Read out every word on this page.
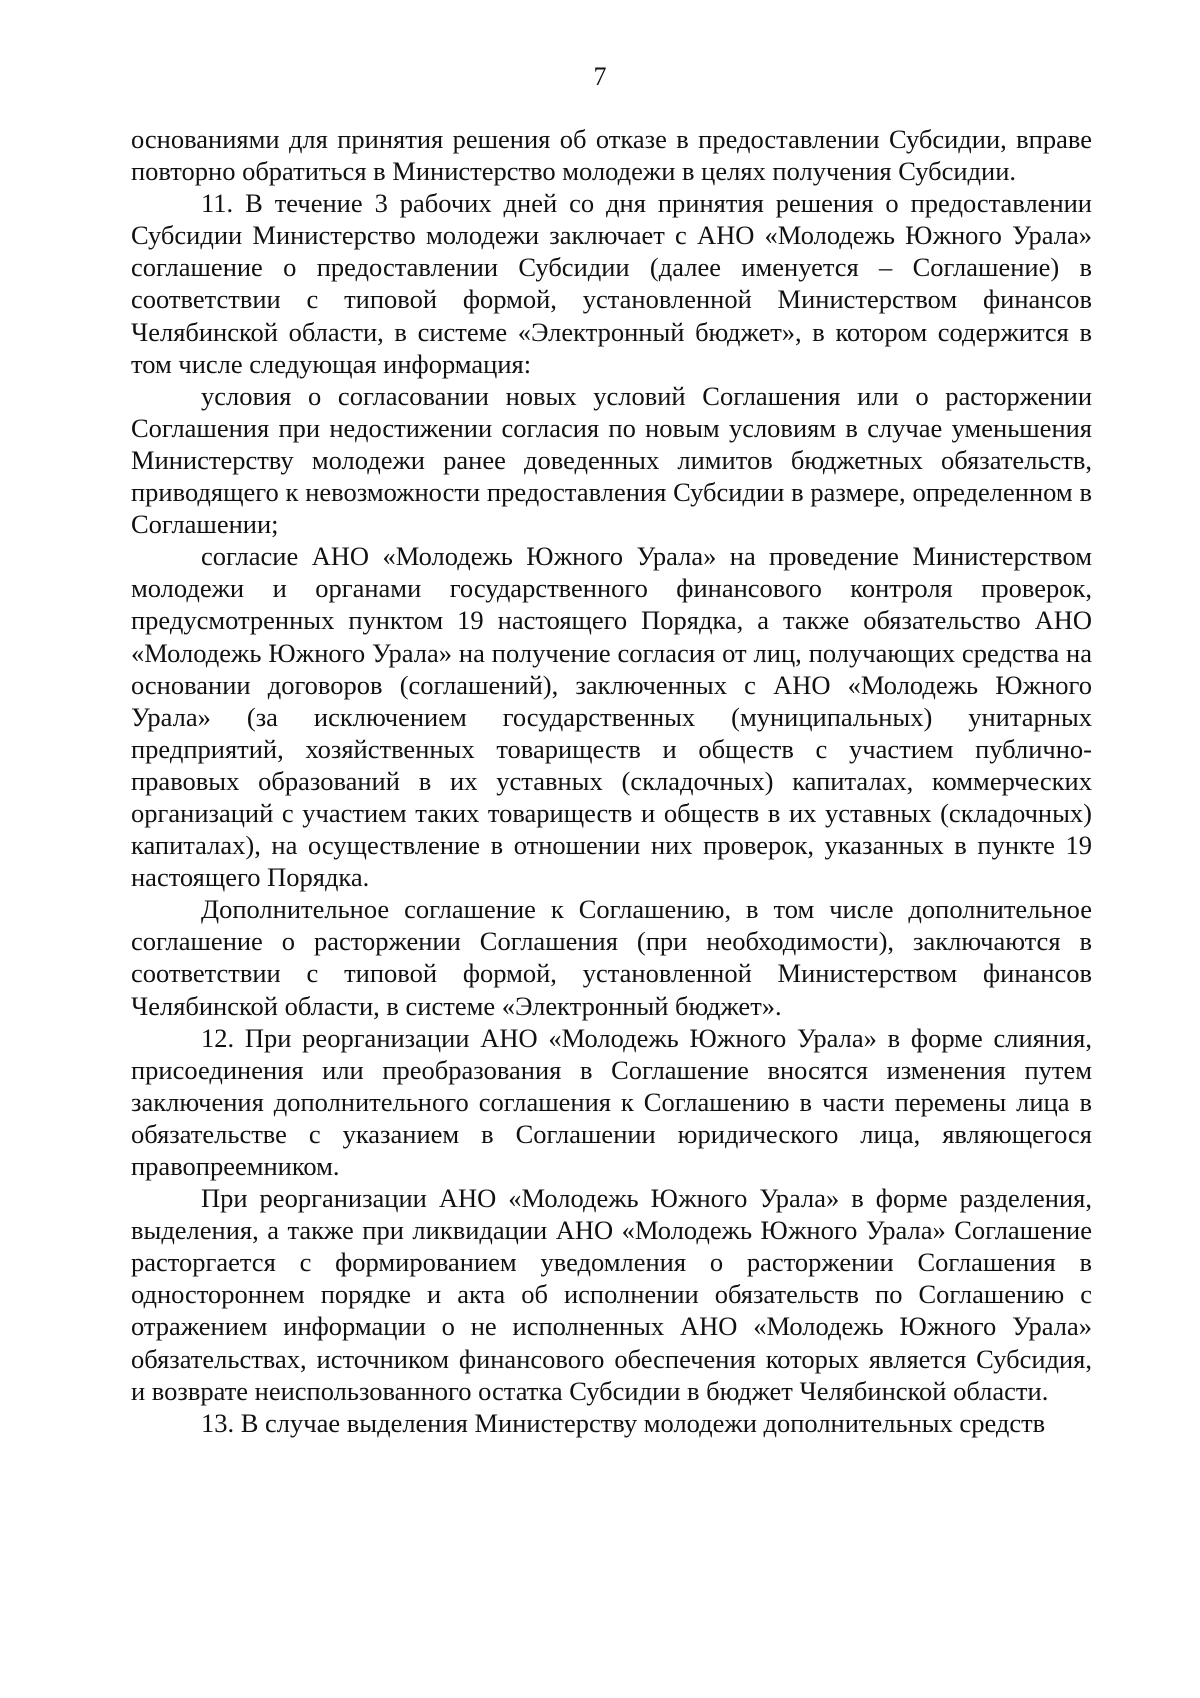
7

основаниями для принятия решения об отказе в предоставлении Субсидии, вправе повторно обратиться в Министерство молодежи в целях получения Субсидии.

11. В течение 3 рабочих дней со дня принятия решения о предоставлении Субсидии Министерство молодежи заключает с АНО «Молодежь Южного Урала» соглашение о предоставлении Субсидии (далее именуется – Соглашение) в соответствии с типовой формой, установленной Министерством финансов Челябинской области, в системе «Электронный бюджет», в котором содержится в том числе следующая информация:

условия о согласовании новых условий Соглашения или о расторжении Соглашения при недостижении согласия по новым условиям в случае уменьшения Министерству молодежи ранее доведенных лимитов бюджетных обязательств, приводящего к невозможности предоставления Субсидии в размере, определенном в Соглашении;

согласие АНО «Молодежь Южного Урала» на проведение Министерством молодежи и органами государственного финансового контроля проверок, предусмотренных пунктом 19 настоящего Порядка, а также обязательство АНО «Молодежь Южного Урала» на получение согласия от лиц, получающих средства на основании договоров (соглашений), заключенных с АНО «Молодежь Южного Урала» (за исключением государственных (муниципальных) унитарных предприятий, хозяйственных товариществ и обществ с участием публично-правовых образований в их уставных (складочных) капиталах, коммерческих организаций с участием таких товариществ и обществ в их уставных (складочных) капиталах), на осуществление в отношении них проверок, указанных в пункте 19 настоящего Порядка.

Дополнительное соглашение к Соглашению, в том числе дополнительное соглашение о расторжении Соглашения (при необходимости), заключаются в соответствии с типовой формой, установленной Министерством финансов Челябинской области, в системе «Электронный бюджет».

12. При реорганизации АНО «Молодежь Южного Урала» в форме слияния, присоединения или преобразования в Соглашение вносятся изменения путем заключения дополнительного соглашения к Соглашению в части перемены лица в обязательстве с указанием в Соглашении юридического лица, являющегося правопреемником.

При реорганизации АНО «Молодежь Южного Урала» в форме разделения, выделения, а также при ликвидации АНО «Молодежь Южного Урала» Соглашение расторгается с формированием уведомления о расторжении Соглашения в одностороннем порядке и акта об исполнении обязательств по Соглашению с отражением информации о не исполненных АНО «Молодежь Южного Урала» обязательствах, источником финансового обеспечения которых является Субсидия, и возврате неиспользованного остатка Субсидии в бюджет Челябинской области.

13. В случае выделения Министерству молодежи дополнительных средств
